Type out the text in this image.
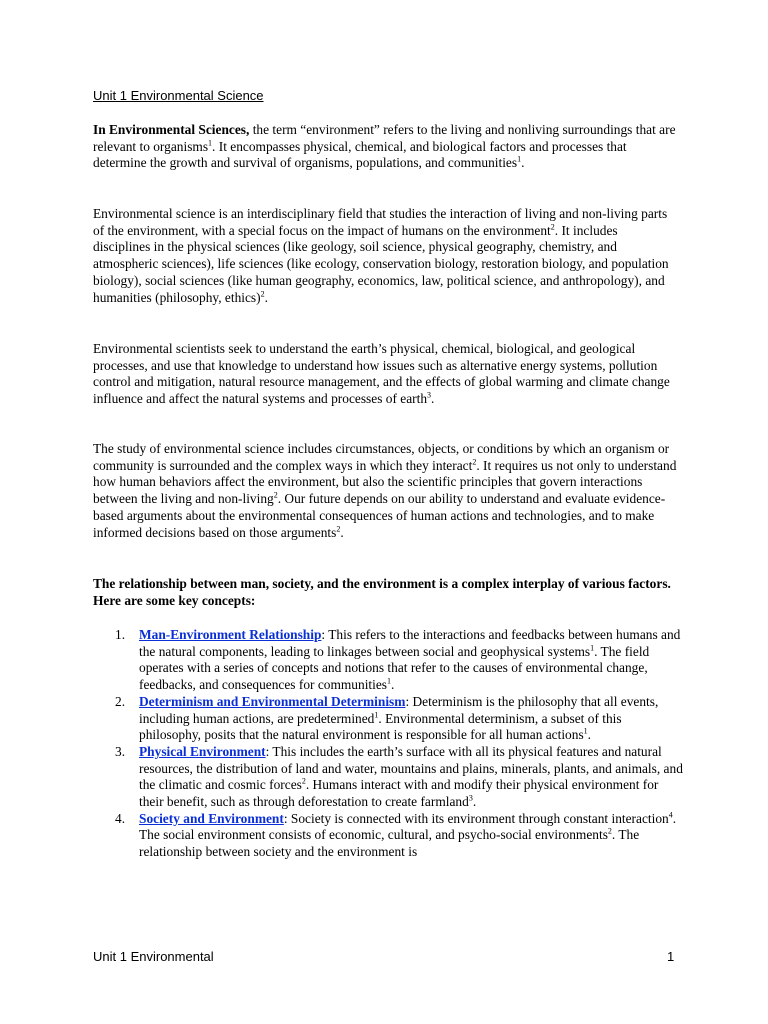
Unit 1 Environmental Science

In Environmental Sciences, the term “environment” refers to the living and nonliving surroundings that are relevant to organisms$^1$. It encompasses physical, chemical, and biological factors and processes that determine the growth and survival of organisms, populations, and communities$^1$.

Environmental science is an interdisciplinary field that studies the interaction of living and non-living parts of the environment, with a special focus on the impact of humans on the environment$^2$. It includes disciplines in the physical sciences (like geology, soil science, physical geography, chemistry, and atmospheric sciences), life sciences (like ecology, conservation biology, restoration biology, and population biology), social sciences (like human geography, economics, law, political science, and anthropology), and humanities (philosophy, ethics)$^2$.

Environmental scientists seek to understand the earth’s physical, chemical, biological, and geological processes, and use that knowledge to understand how issues such as alternative energy systems, pollution control and mitigation, natural resource management, and the effects of global warming and climate change influence and affect the natural systems and processes of earth$^3$.

The study of environmental science includes circumstances, objects, or conditions by which an organism or community is surrounded and the complex ways in which they interact$^2$. It requires us not only to understand how human behaviors affect the environment, but also the scientific principles that govern interactions between the living and non-living$^2$. Our future depends on our ability to understand and evaluate evidence-based arguments about the environmental consequences of human actions and technologies, and to make informed decisions based on those arguments$^2$.

The relationship between man, society, and the environment is a complex interplay of various factors. Here are some key concepts:

1. Man-Environment Relationship: This refers to the interactions and feedbacks between humans and the natural components, leading to linkages between social and geophysical systems$^1$. The field operates with a series of concepts and notions that refer to the causes of environmental change, feedbacks, and consequences for communities$^1$.
2. Determinism and Environmental Determinism: Determinism is the philosophy that all events, including human actions, are predetermined$^1$. Environmental determinism, a subset of this philosophy, posits that the natural environment is responsible for all human actions$^1$.
3. Physical Environment: This includes the earth’s surface with all its physical features and natural resources, the distribution of land and water, mountains and plains, minerals, plants, and animals, and the climatic and cosmic forces$^2$. Humans interact with and modify their physical environment for their benefit, such as through deforestation to create farmland$^3$.
4. Society and Environment: Society is connected with its environment through constant interaction$^4$. The social environment consists of economic, cultural, and psycho-social environments$^2$. The relationship between society and the environment is
Unit 1 Environmental	1
